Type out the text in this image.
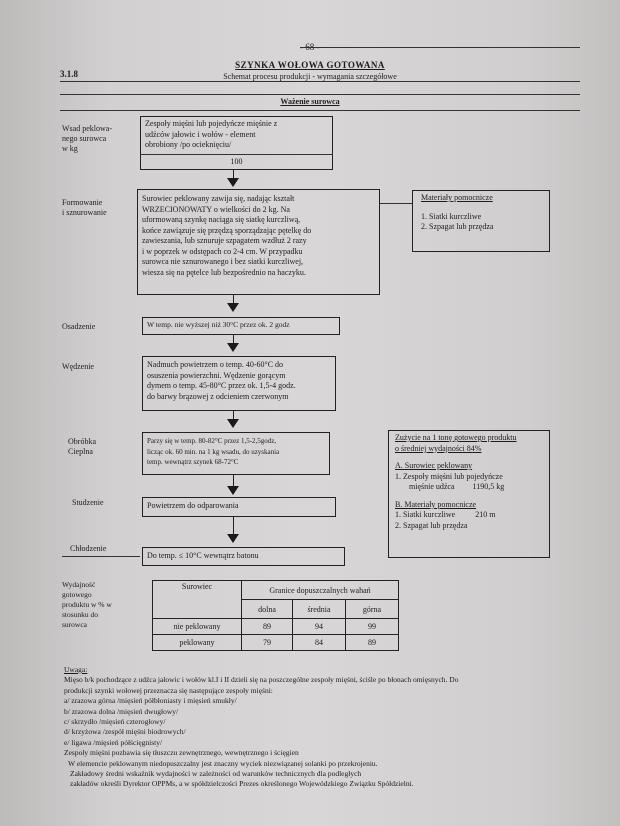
- 68 -
3.1.8
SZYNKA WOŁOWA GOTOWANA
Schemat procesu produkcji - wymagania szczegółowe
Ważenie surowca
Wsad peklowa-
nego surowca
w kg
Zespoły mięśni lub pojedyńcze mięśnie z
udźców jałowic i wołów - element
obrobiony /po ocieknięciu/
100
Formowanie
i sznurowanie
Surowiec peklowany zawija się, nadając kształt
WRZECIONOWATY o wielkości do 2 kg. Na
uformowaną szynkę naciąga się siatkę kurczliwą,
końce zawiązuje się przędzą sporządzając pętelkę do
zawieszania, lub sznuruje szpagatem wzdłuż 2 razy
i w poprzek w odstępach co 2-4 cm. W przypadku
surowca nie sznurowanego i bez siatki kurczliwej,
wiesza się na pętelce lub bezpośrednio na haczyku.
Materiały pomocnicze
1. Siatki kurczliwe
2. Szpagat lub przędza
Osadzenie	W temp. nie wyższej niż 30°C przez ok. 2 godz
Wędzenie	Nadmuch powietrzem o temp. 40-60°C do
osuszenia powierzchni. Wędzenie gorącym
dymem o temp. 45-80°C przez ok. 1,5-4 godz.
do barwy brązowej z odcieniem czerwonym
Obróbka
Cieplna
Parzy się w temp. 80-82°C przez 1,5-2,5godz,
licząc ok. 60 min. na 1 kg wsadu, do uzyskania
temp. wewnątrz szynek 68-72°C
Zużycie na 1 tonę gotowego produktu
o średniej wydajności 84%
A. Surowiec peklowany
1. Zespoły mięśni lub pojedyńcze
mięśnie udźca 1190,5 kg
B. Materiały pomocnicze
1. Siatki kurczliwe	210 m
2. Szpagat lub przędza
Studzenie	Powietrzem do odparowania
Chłodzenie
Do temp. ≤ 10°C wewnątrz batonu
Wydajność
gotowego
produktu w % w
stosunku do
surowca
Surowiec	Granice dopuszczalnych wahań		
	dolna	średnia	górna
nie peklowany	89	94	99
peklowany	79	84	89
Uwaga:
Mięso b/k pochodzące z udźca jałowic i wołów kl.I i II dzieli się na poszczególne zespoły mięśni, ściśle po błonach omięsnych. Do
produkcji szynki wołowej przeznacza się następujące zespoły mięśni:
a/ zrazowa górna /mięsień półbłoniasty i mięsień smukły/
b/ zrazowa dolna /mięsień dwugłowy/
c/ skrzydło /mięsień czterogłowy/
d/ krzyżowa /zespół mięśni biodrowych/
e/ ligawa /mięsień półścięgnisty/
Zespoły mięśni pozbawia się tłuszczu zewnętrznego, wewnętrznego i ścięgien
W elemencie peklowanym niedopuszczalny jest znaczny wyciek niezwiązanej solanki po przekrojeniu.
Zakładowy średni wskaźnik wydajności w zależności od warunków technicznych dla podległych
zakładów określi Dyrektor OPPMs, a w spółdzielczości Prezes określonego Wojewódzkiego Związku Spółdzielni.
